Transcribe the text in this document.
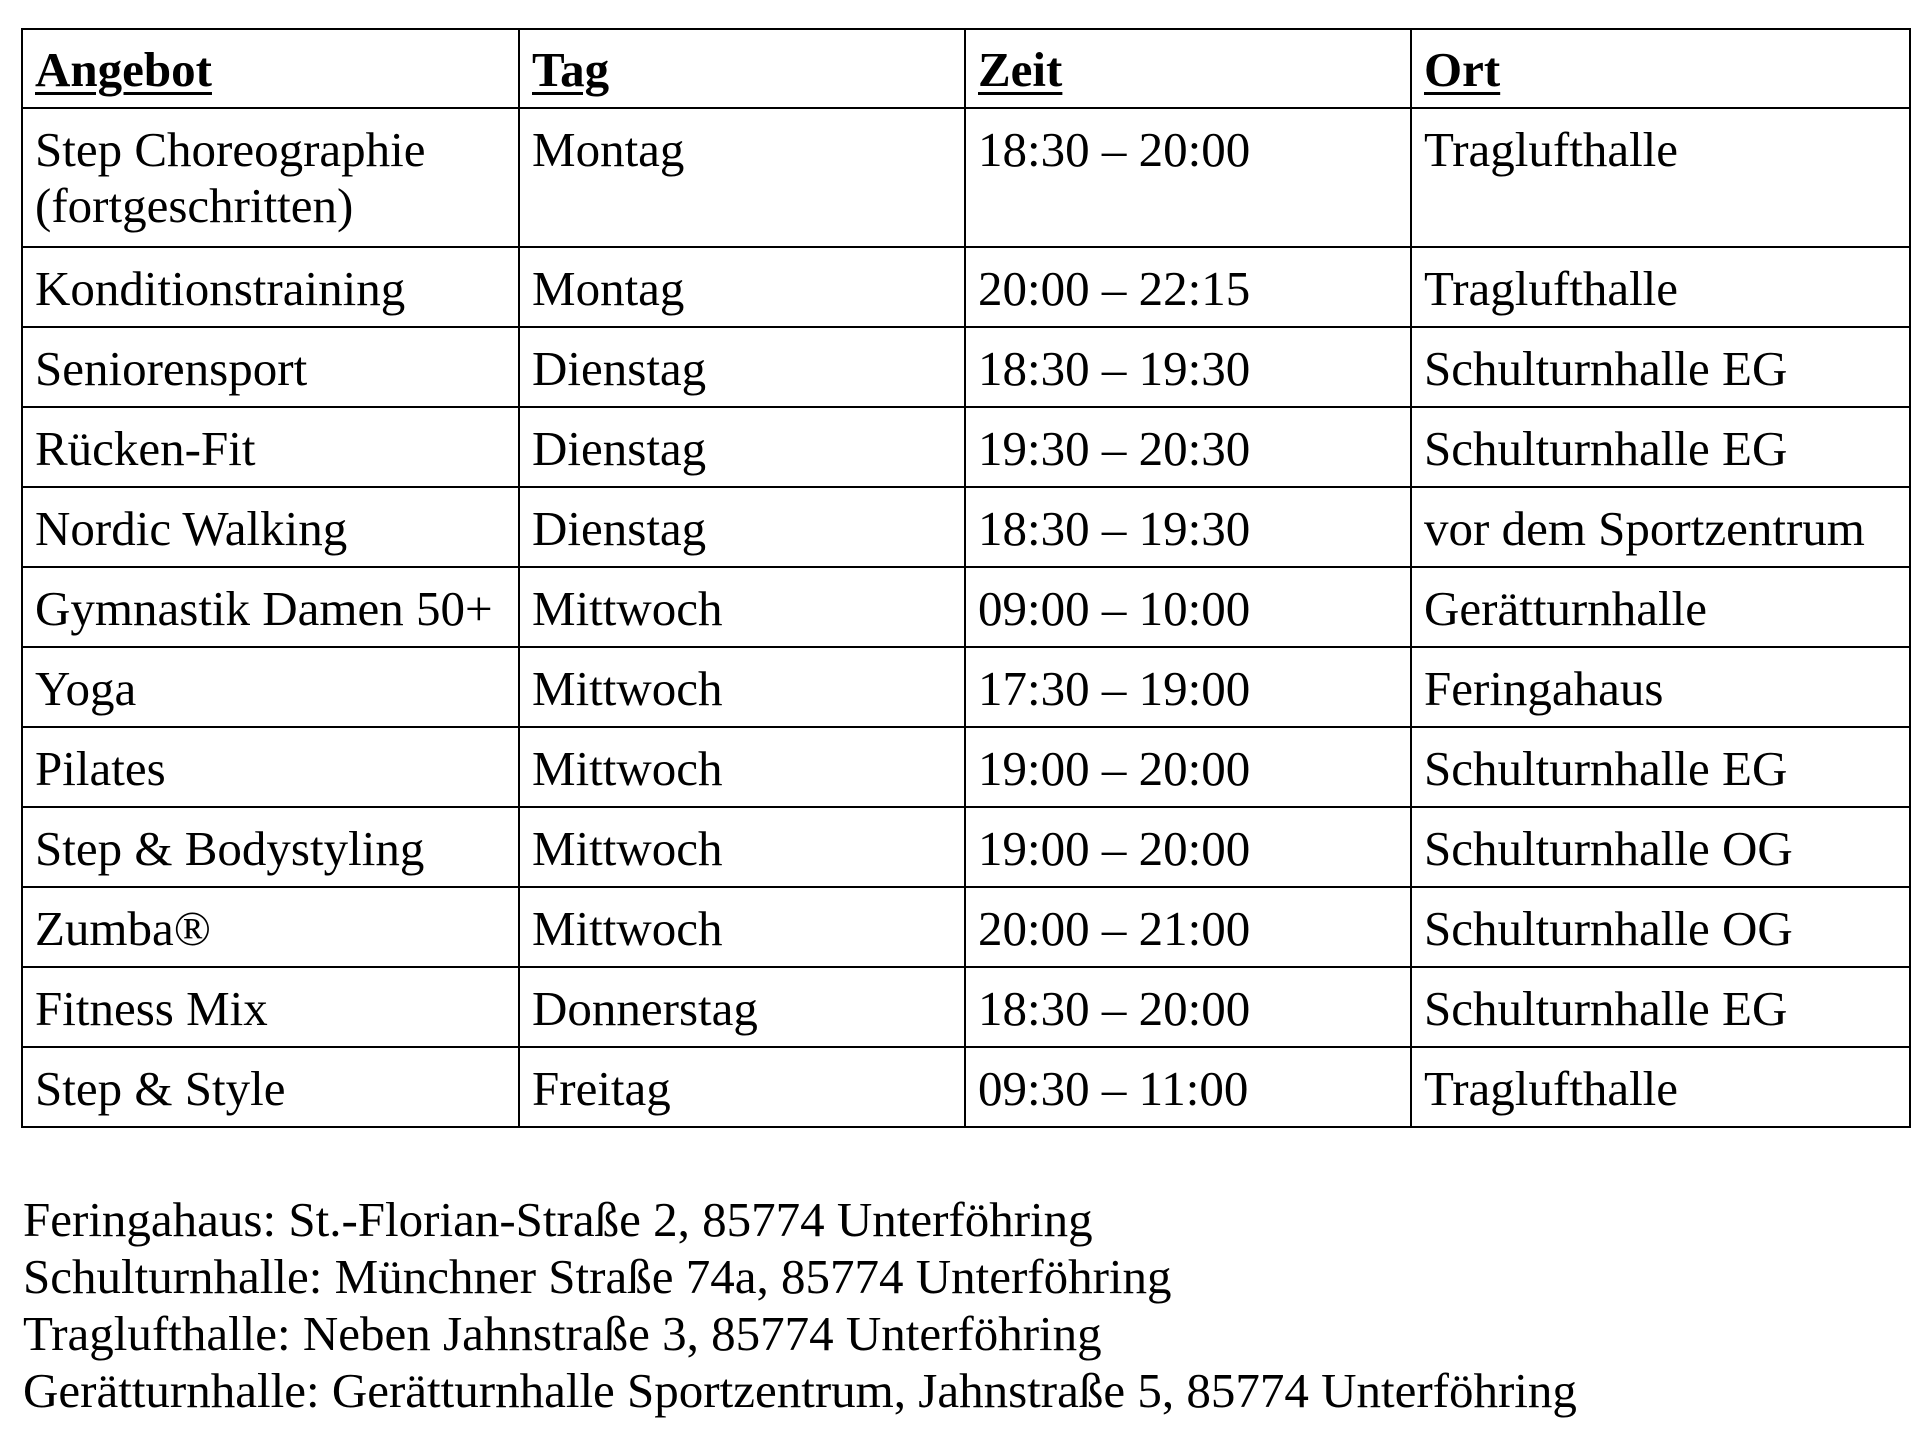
Angebot	Tag	Zeit	Ort
Step Choreographie (fortgeschritten)	Montag	18:30 – 20:00	Traglufthalle
Konditionstraining	Montag	20:00 – 22:15	Traglufthalle
Seniorensport	Dienstag	18:30 – 19:30	Schulturnhalle EG
Rücken-Fit	Dienstag	19:30 – 20:30	Schulturnhalle EG
Nordic Walking	Dienstag	18:30 – 19:30	vor dem Sportzentrum
Gymnastik Damen 50+	Mittwoch	09:00 – 10:00	Gerätturnhalle
Yoga	Mittwoch	17:30 – 19:00	Feringahaus
Pilates	Mittwoch	19:00 – 20:00	Schulturnhalle EG
Step & Bodystyling	Mittwoch	19:00 – 20:00	Schulturnhalle OG
Zumba®	Mittwoch	20:00 – 21:00	Schulturnhalle OG
Fitness Mix	Donnerstag	18:30 – 20:00	Schulturnhalle EG
Step & Style	Freitag	09:30 – 11:00	Traglufthalle
Feringahaus: St.-Florian-Straße 2, 85774 Unterföhring
Schulturnhalle: Münchner Straße 74a, 85774 Unterföhring
Traglufthalle: Neben Jahnstraße 3, 85774 Unterföhring
Gerätturnhalle: Gerätturnhalle Sportzentrum, Jahnstraße 5, 85774 Unterföhring
